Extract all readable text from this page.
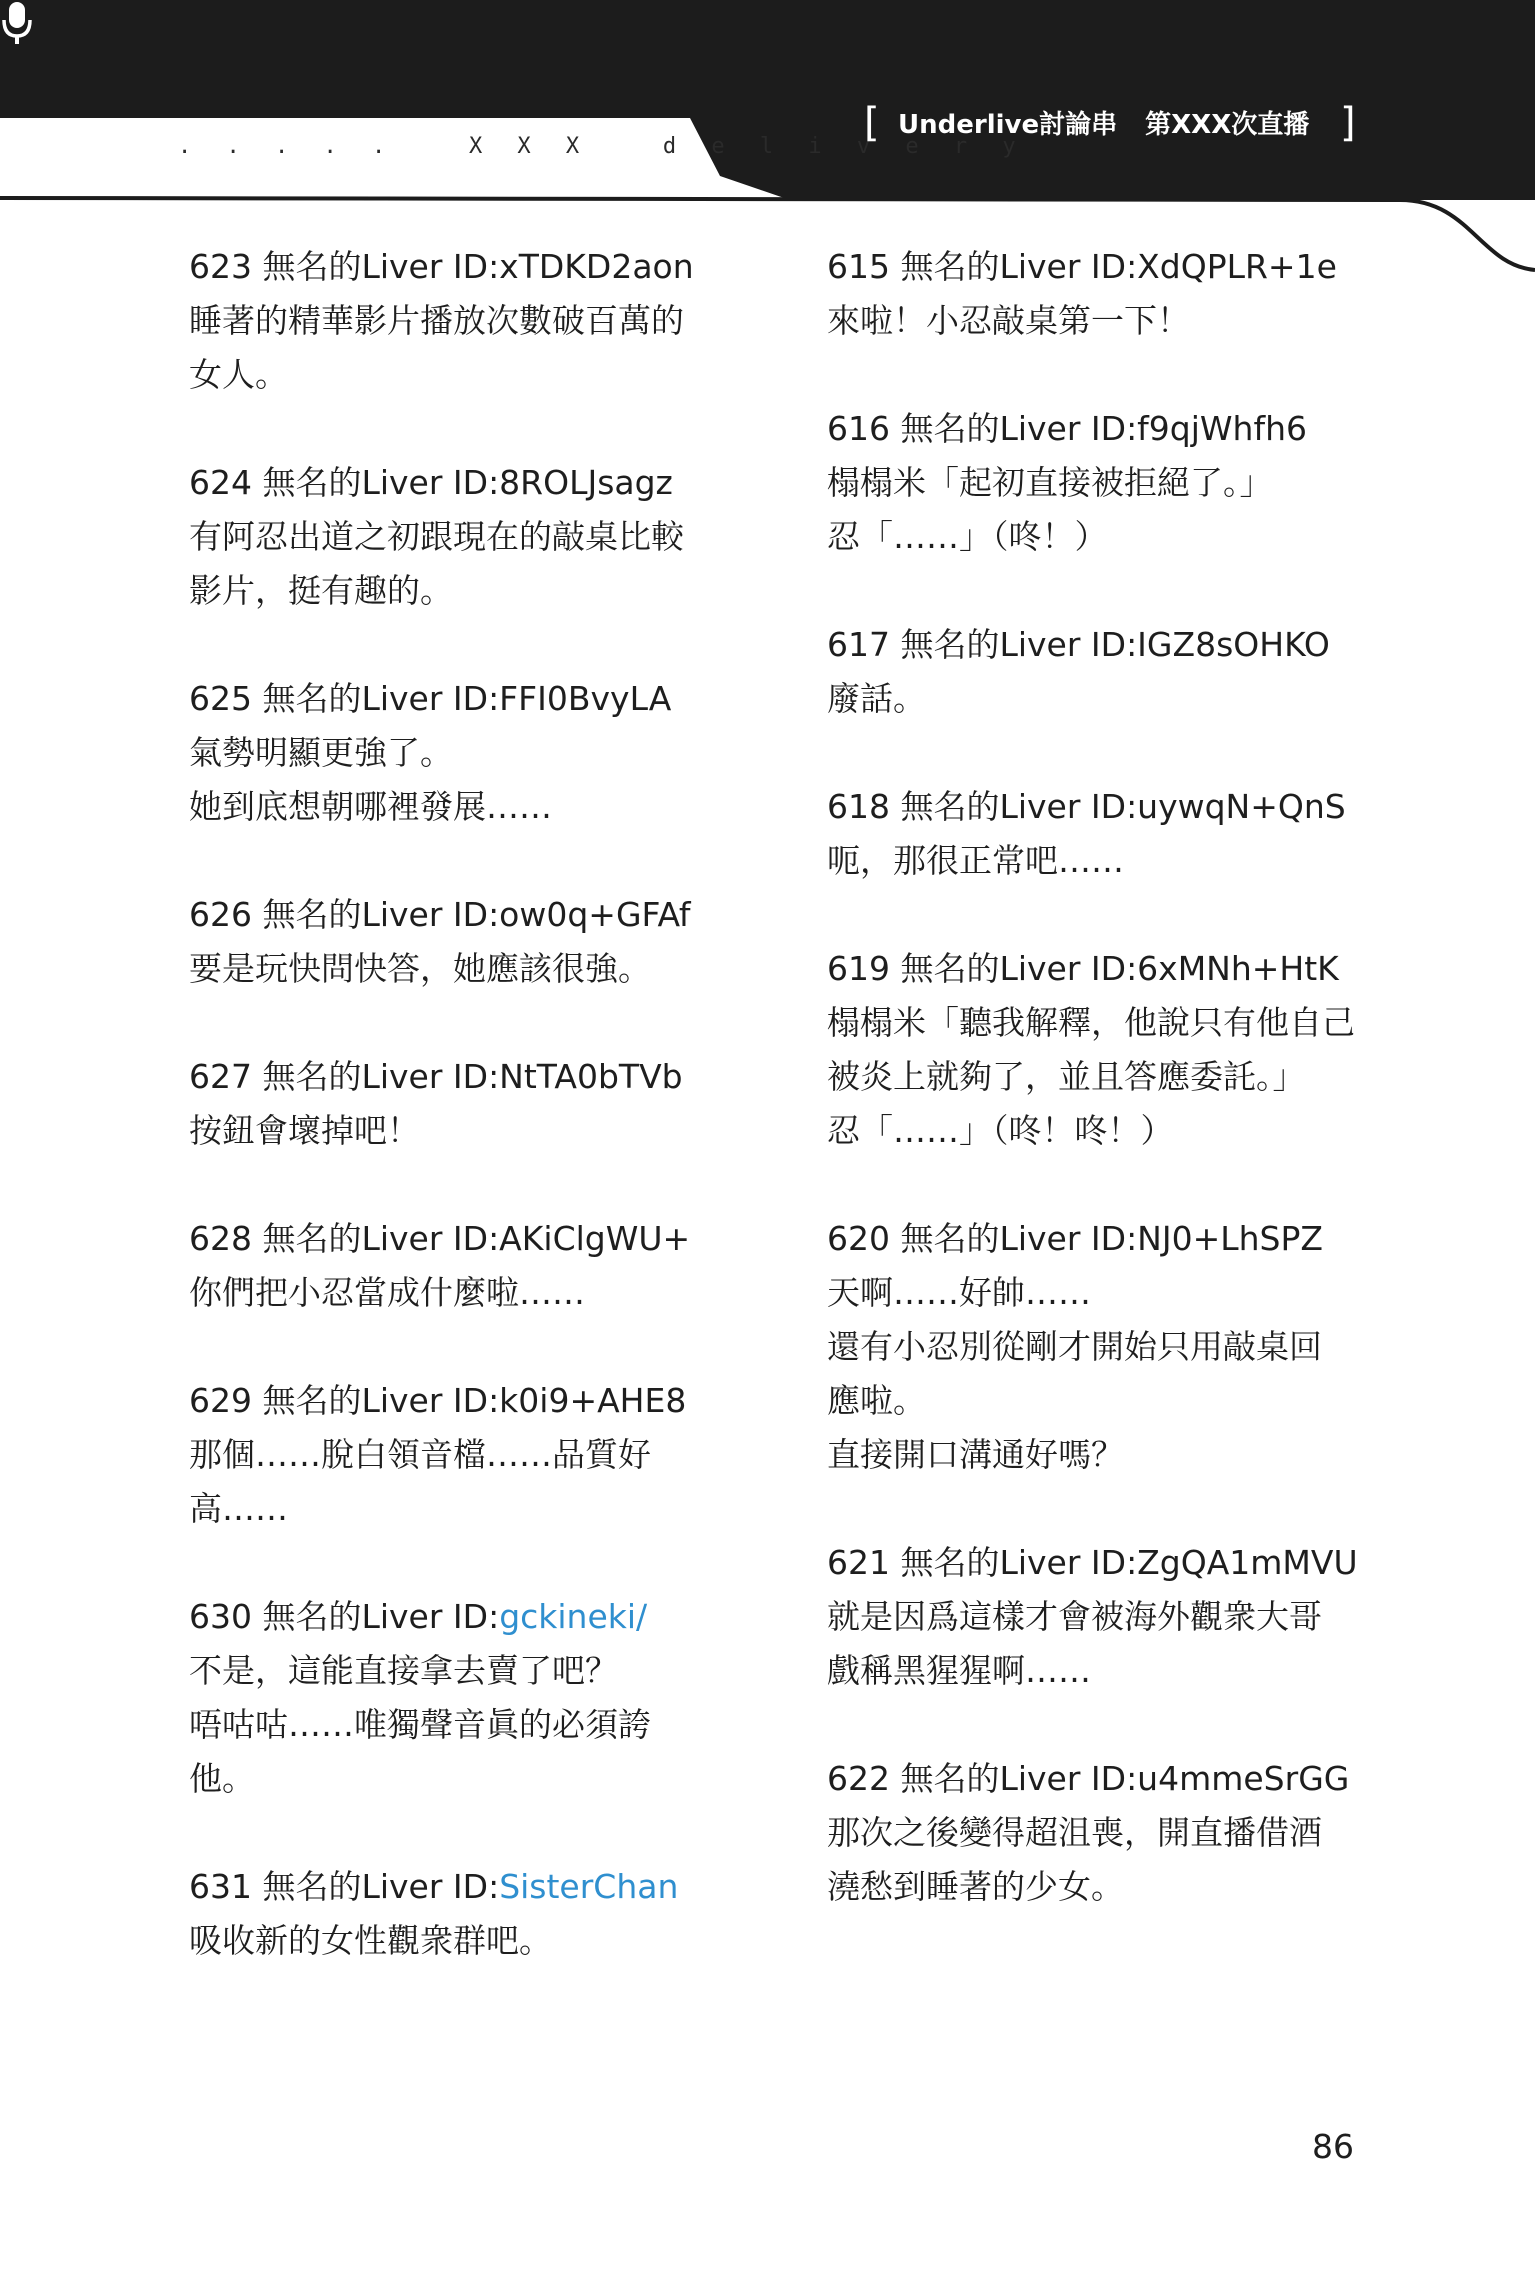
. . . . .   X X X   d e l i v e r y
[ Underlive討論串 第XXX次直播 ]
623 無名的Liver ID:xTDKD2aon
睡著的精華影片播放次數破百萬的
女人。
624 無名的Liver ID:8ROLJsagz
有阿忍出道之初跟現在的敲桌比較
影片，挺有趣的。
625 無名的Liver ID:FFI0BvyLA
氣勢明顯更強了。
她到底想朝哪裡發展……
626 無名的Liver ID:ow0q+GFAf
要是玩快問快答，她應該很強。
627 無名的Liver ID:NtTA0bTVb
按鈕會壞掉吧！
628 無名的Liver ID:AKiClgWU+
你們把小忍當成什麼啦……
629 無名的Liver ID:k0i9+AHE8
那個……脫白領音檔……品質好
高……
630 無名的Liver ID:gckineki/
不是，這能直接拿去賣了吧？
唔咕咕……唯獨聲音眞的必須誇
他。
631 無名的Liver ID:SisterChan
吸收新的女性觀衆群吧。
615 無名的Liver ID:XdQPLR+1e
來啦！小忍敲桌第一下！
616 無名的Liver ID:f9qjWhfh6
榻榻米「起初直接被拒絕了。」
忍「……」（咚！）
617 無名的Liver ID:IGZ8sOHKO
廢話。
618 無名的Liver ID:uywqN+QnS
呃，那很正常吧……
619 無名的Liver ID:6xMNh+HtK
榻榻米「聽我解釋，他說只有他自己
被炎上就夠了，並且答應委託。」
忍「……」（咚！咚！）
620 無名的Liver ID:NJ0+LhSPZ
天啊……好帥……
還有小忍別從剛才開始只用敲桌回
應啦。
直接開口溝通好嗎？
621 無名的Liver ID:ZgQA1mMVU
就是因爲這樣才會被海外觀衆大哥
戲稱黑猩猩啊……
622 無名的Liver ID:u4mmeSrGG
那次之後變得超沮喪，開直播借酒
澆愁到睡著的少女。
86
